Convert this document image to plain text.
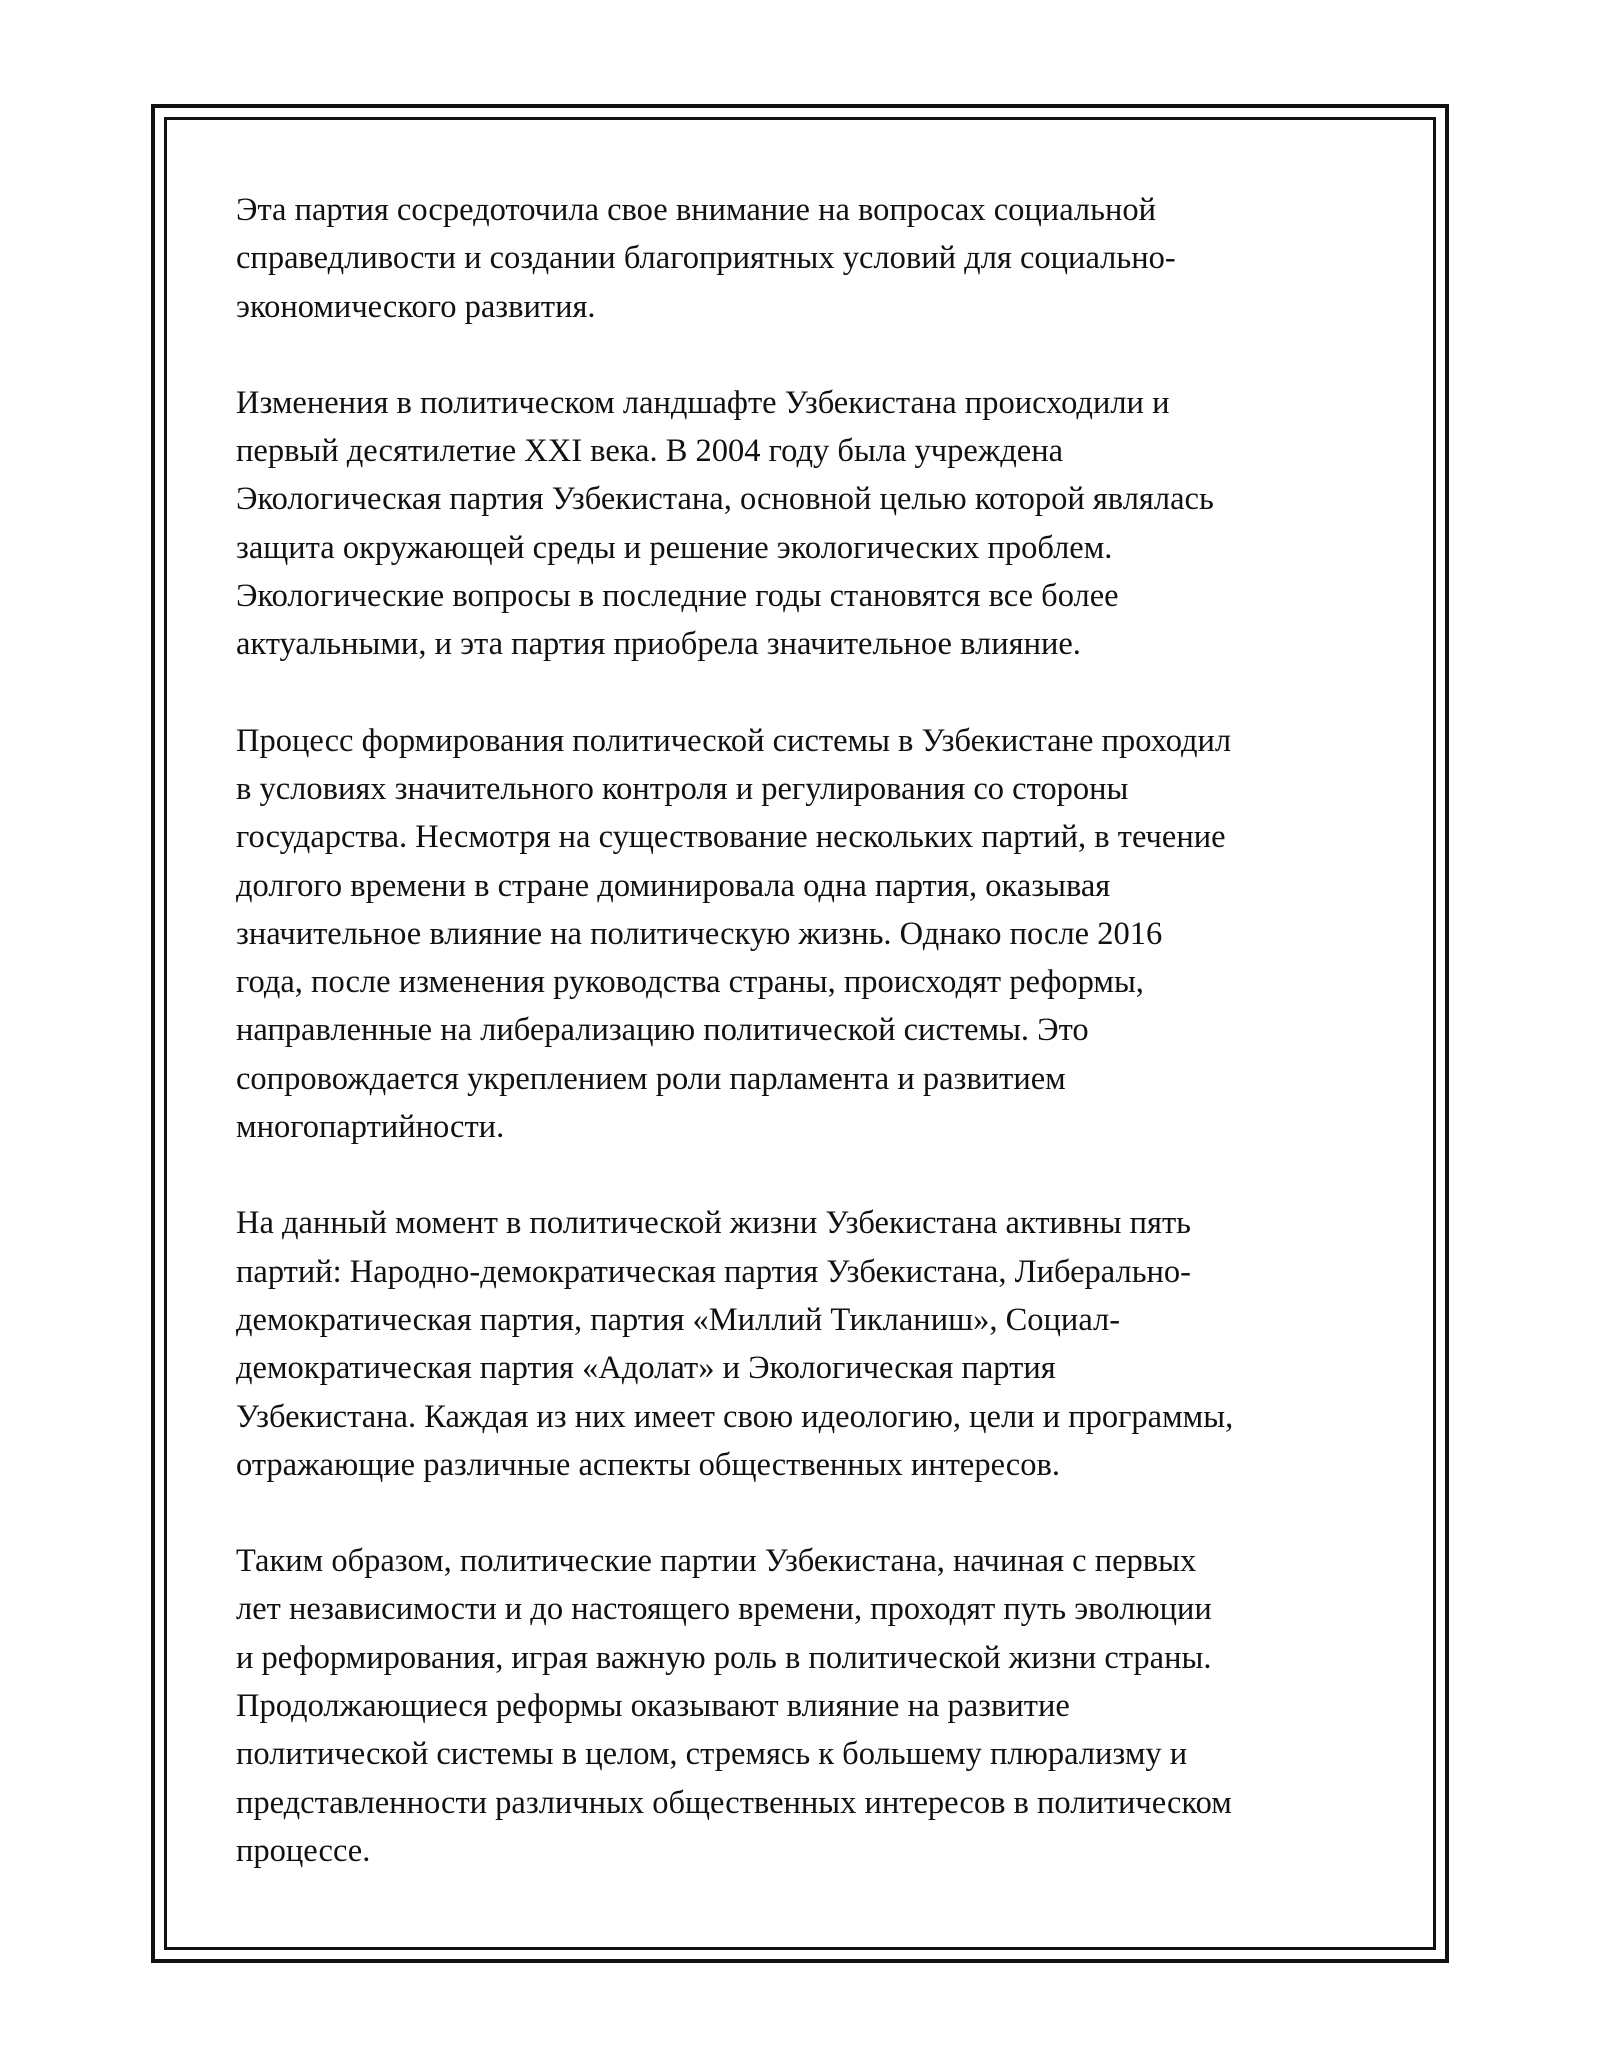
Эта партия сосредоточила свое внимание на вопросах социальной
справедливости и создании благоприятных условий для социально-
экономического развития.

Изменения в политическом ландшафте Узбекистана происходили и
первый десятилетие XXI века. В 2004 году была учреждена
Экологическая партия Узбекистана, основной целью которой являлась
защита окружающей среды и решение экологических проблем.
Экологические вопросы в последние годы становятся все более
актуальными, и эта партия приобрела значительное влияние.

Процесс формирования политической системы в Узбекистане проходил
в условиях значительного контроля и регулирования со стороны
государства. Несмотря на существование нескольких партий, в течение
долгого времени в стране доминировала одна партия, оказывая
значительное влияние на политическую жизнь. Однако после 2016
года, после изменения руководства страны, происходят реформы,
направленные на либерализацию политической системы. Это
сопровождается укреплением роли парламента и развитием
многопартийности.

На данный момент в политической жизни Узбекистана активны пять
партий: Народно-демократическая партия Узбекистана, Либерально-
демократическая партия, партия «Миллий Тикланиш», Социал-
демократическая партия «Адолат» и Экологическая партия
Узбекистана. Каждая из них имеет свою идеологию, цели и программы,
отражающие различные аспекты общественных интересов.

Таким образом, политические партии Узбекистана, начиная с первых
лет независимости и до настоящего времени, проходят путь эволюции
и реформирования, играя важную роль в политической жизни страны.
Продолжающиеся реформы оказывают влияние на развитие
политической системы в целом, стремясь к большему плюрализму и
представленности различных общественных интересов в политическом
процессе.
